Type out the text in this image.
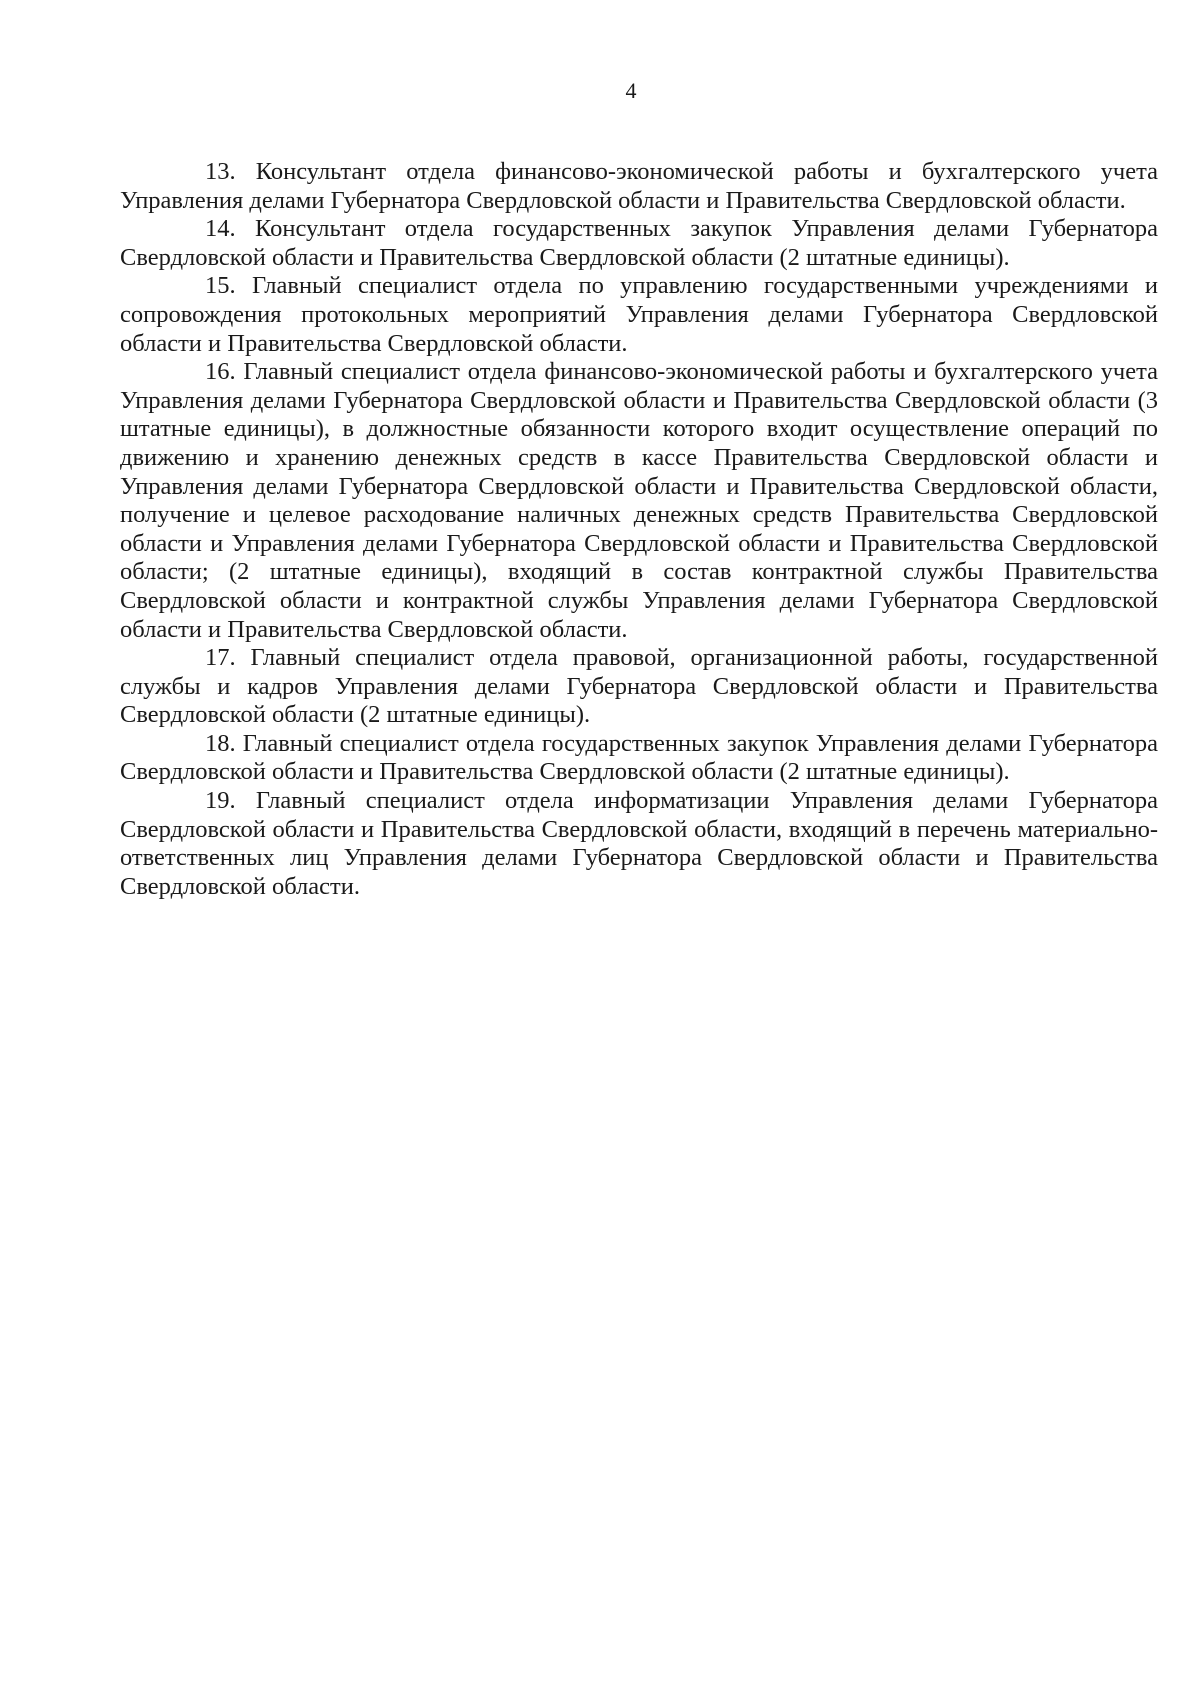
4

13. Консультант отдела финансово-экономической работы и бухгалтерского учета Управления делами Губернатора Свердловской области и Правительства Свердловской области.

14. Консультант отдела государственных закупок Управления делами Губернатора Свердловской области и Правительства Свердловской области (2 штатные единицы).

15. Главный специалист отдела по управлению государственными учреждениями и сопровождения протокольных мероприятий Управления делами Губернатора Свердловской области и Правительства Свердловской области.

16. Главный специалист отдела финансово-экономической работы и бухгалтерского учета Управления делами Губернатора Свердловской области и Правительства Свердловской области (3 штатные единицы), в должностные обязанности которого входит осуществление операций по движению и хранению денежных средств в кассе Правительства Свердловской области и Управления делами Губернатора Свердловской области и Правительства Свердловской области, получение и целевое расходование наличных денежных средств Правительства Свердловской области и Управления делами Губернатора Свердловской области и Правительства Свердловской области; (2 штатные единицы), входящий в состав контрактной службы Правительства Свердловской области и контрактной службы Управления делами Губернатора Свердловской области и Правительства Свердловской области.

17. Главный специалист отдела правовой, организационной работы, государственной службы и кадров Управления делами Губернатора Свердловской области и Правительства Свердловской области (2 штатные единицы).

18. Главный специалист отдела государственных закупок Управления делами Губернатора Свердловской области и Правительства Свердловской области (2 штатные единицы).

19. Главный специалист отдела информатизации Управления делами Губернатора Свердловской области и Правительства Свердловской области, входящий в перечень материально-ответственных лиц Управления делами Губернатора Свердловской области и Правительства Свердловской области.
